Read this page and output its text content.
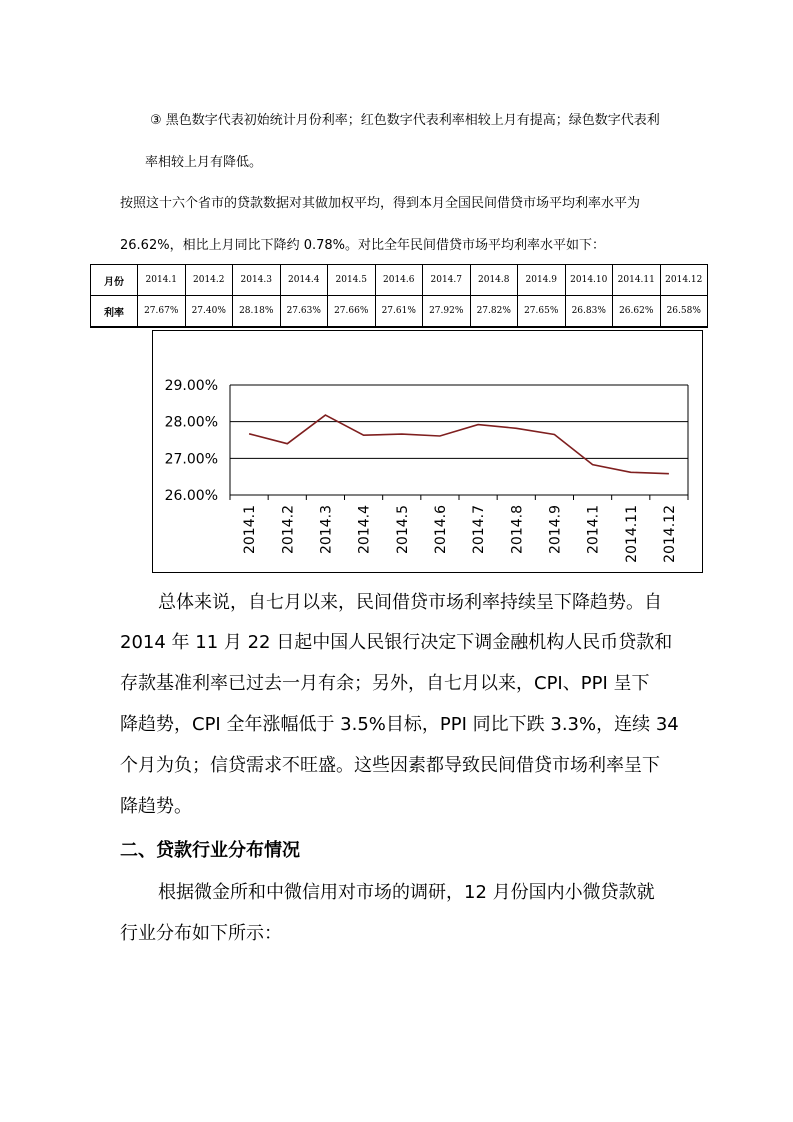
③ 黑色数字代表初始统计月份利率；红色数字代表利率相较上月有提高；绿色数字代表利
率相较上月有降低。
按照这十六个省市的贷款数据对其做加权平均，得到本月全国民间借贷市场平均利率水平为
26.62%，相比上月同比下降约 0.78%。对比全年民间借贷市场平均利率水平如下：
月份	2014.1	2014.2	2014.3	2014.4	2014.5	2014.6	2014.7	2014.8	2014.9	2014.10	2014.11	2014.12
利率	27.67%	27.40%	28.18%	27.63%	27.66%	27.61%	27.92%	27.82%	27.65%	26.83%	26.62%	26.58%
26.00%
27.00%
28.00%
29.00%
2014.1 2014.2 2014.3 2014.4 2014.5 2014.6 2014.7 2014.8 2014.9 2014.1 2014.11 2014.12
总体来说，自七月以来，民间借贷市场利率持续呈下降趋势。自
2014 年 11 月 22 日起中国人民银行决定下调金融机构人民币贷款和
存款基准利率已过去一月有余；另外，自七月以来，CPI、PPI 呈下
降趋势，CPI 全年涨幅低于 3.5%目标，PPI 同比下跌 3.3%，连续 34
个月为负；信贷需求不旺盛。这些因素都导致民间借贷市场利率呈下
降趋势。
二、贷款行业分布情况
根据微金所和中微信用对市场的调研，12 月份国内小微贷款就
行业分布如下所示：
